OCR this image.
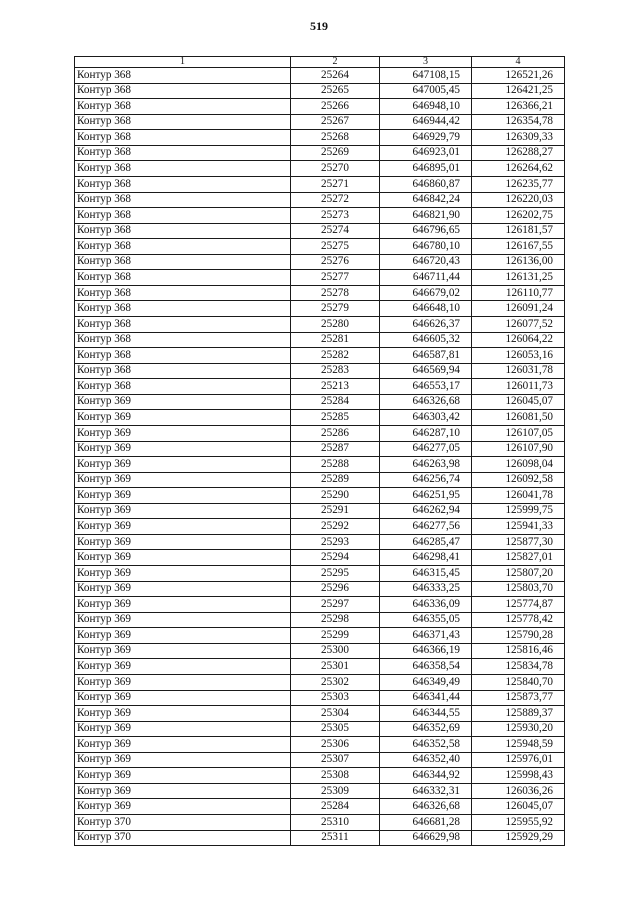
519
1	2	3	4
Контур 368	25264	647108,15	126521,26
Контур 368	25265	647005,45	126421,25
Контур 368	25266	646948,10	126366,21
Контур 368	25267	646944,42	126354,78
Контур 368	25268	646929,79	126309,33
Контур 368	25269	646923,01	126288,27
Контур 368	25270	646895,01	126264,62
Контур 368	25271	646860,87	126235,77
Контур 368	25272	646842,24	126220,03
Контур 368	25273	646821,90	126202,75
Контур 368	25274	646796,65	126181,57
Контур 368	25275	646780,10	126167,55
Контур 368	25276	646720,43	126136,00
Контур 368	25277	646711,44	126131,25
Контур 368	25278	646679,02	126110,77
Контур 368	25279	646648,10	126091,24
Контур 368	25280	646626,37	126077,52
Контур 368	25281	646605,32	126064,22
Контур 368	25282	646587,81	126053,16
Контур 368	25283	646569,94	126031,78
Контур 368	25213	646553,17	126011,73
Контур 369	25284	646326,68	126045,07
Контур 369	25285	646303,42	126081,50
Контур 369	25286	646287,10	126107,05
Контур 369	25287	646277,05	126107,90
Контур 369	25288	646263,98	126098,04
Контур 369	25289	646256,74	126092,58
Контур 369	25290	646251,95	126041,78
Контур 369	25291	646262,94	125999,75
Контур 369	25292	646277,56	125941,33
Контур 369	25293	646285,47	125877,30
Контур 369	25294	646298,41	125827,01
Контур 369	25295	646315,45	125807,20
Контур 369	25296	646333,25	125803,70
Контур 369	25297	646336,09	125774,87
Контур 369	25298	646355,05	125778,42
Контур 369	25299	646371,43	125790,28
Контур 369	25300	646366,19	125816,46
Контур 369	25301	646358,54	125834,78
Контур 369	25302	646349,49	125840,70
Контур 369	25303	646341,44	125873,77
Контур 369	25304	646344,55	125889,37
Контур 369	25305	646352,69	125930,20
Контур 369	25306	646352,58	125948,59
Контур 369	25307	646352,40	125976,01
Контур 369	25308	646344,92	125998,43
Контур 369	25309	646332,31	126036,26
Контур 369	25284	646326,68	126045,07
Контур 370	25310	646681,28	125955,92
Контур 370	25311	646629,98	125929,29
